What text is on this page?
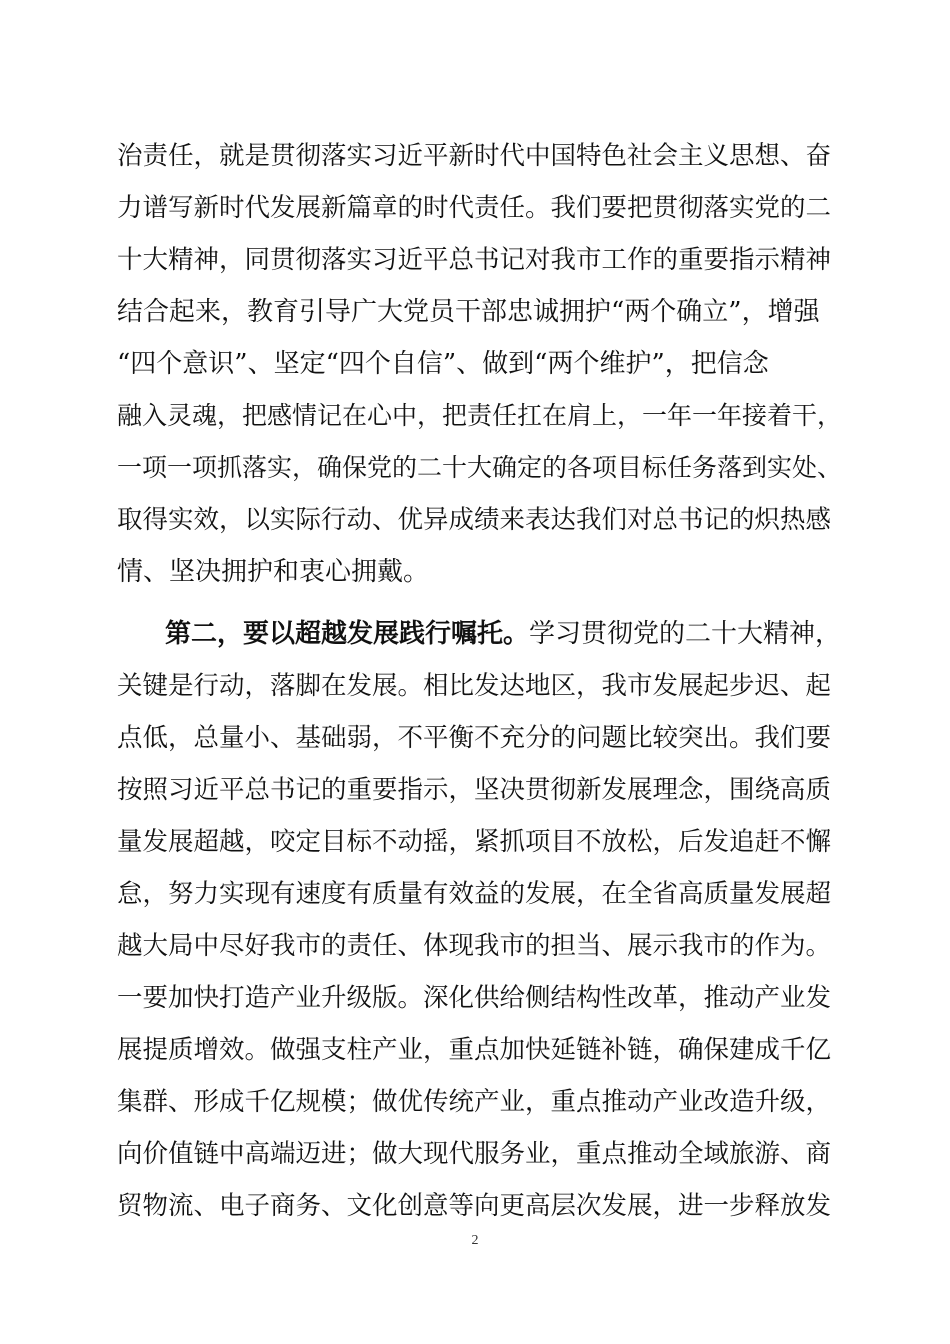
治责任，就是贯彻落实习近平新时代中国特色社会主义思想、奋
力谱写新时代发展新篇章的时代责任。我们要把贯彻落实党的二
十大精神，同贯彻落实习近平总书记对我市工作的重要指示精神
结合起来，教育引导广大党员干部忠诚拥护“两个确立”，增强
“四个意识”、坚定“四个自信”、做到“两个维护”，把信念
融入灵魂，把感情记在心中，把责任扛在肩上，一年一年接着干，
一项一项抓落实，确保党的二十大确定的各项目标任务落到实处、
取得实效，以实际行动、优异成绩来表达我们对总书记的炽热感
情、坚决拥护和衷心拥戴。
第二，要以超越发展践行嘱托。学习贯彻党的二十大精神，
关键是行动，落脚在发展。相比发达地区，我市发展起步迟、起
点低，总量小、基础弱，不平衡不充分的问题比较突出。我们要
按照习近平总书记的重要指示，坚决贯彻新发展理念，围绕高质
量发展超越，咬定目标不动摇，紧抓项目不放松，后发追赶不懈
怠，努力实现有速度有质量有效益的发展，在全省高质量发展超
越大局中尽好我市的责任、体现我市的担当、展示我市的作为。
一要加快打造产业升级版。深化供给侧结构性改革，推动产业发
展提质增效。做强支柱产业，重点加快延链补链，确保建成千亿
集群、形成千亿规模；做优传统产业，重点推动产业改造升级，
向价值链中高端迈进；做大现代服务业，重点推动全域旅游、商
贸物流、电子商务、文化创意等向更高层次发展，进一步释放发
2
